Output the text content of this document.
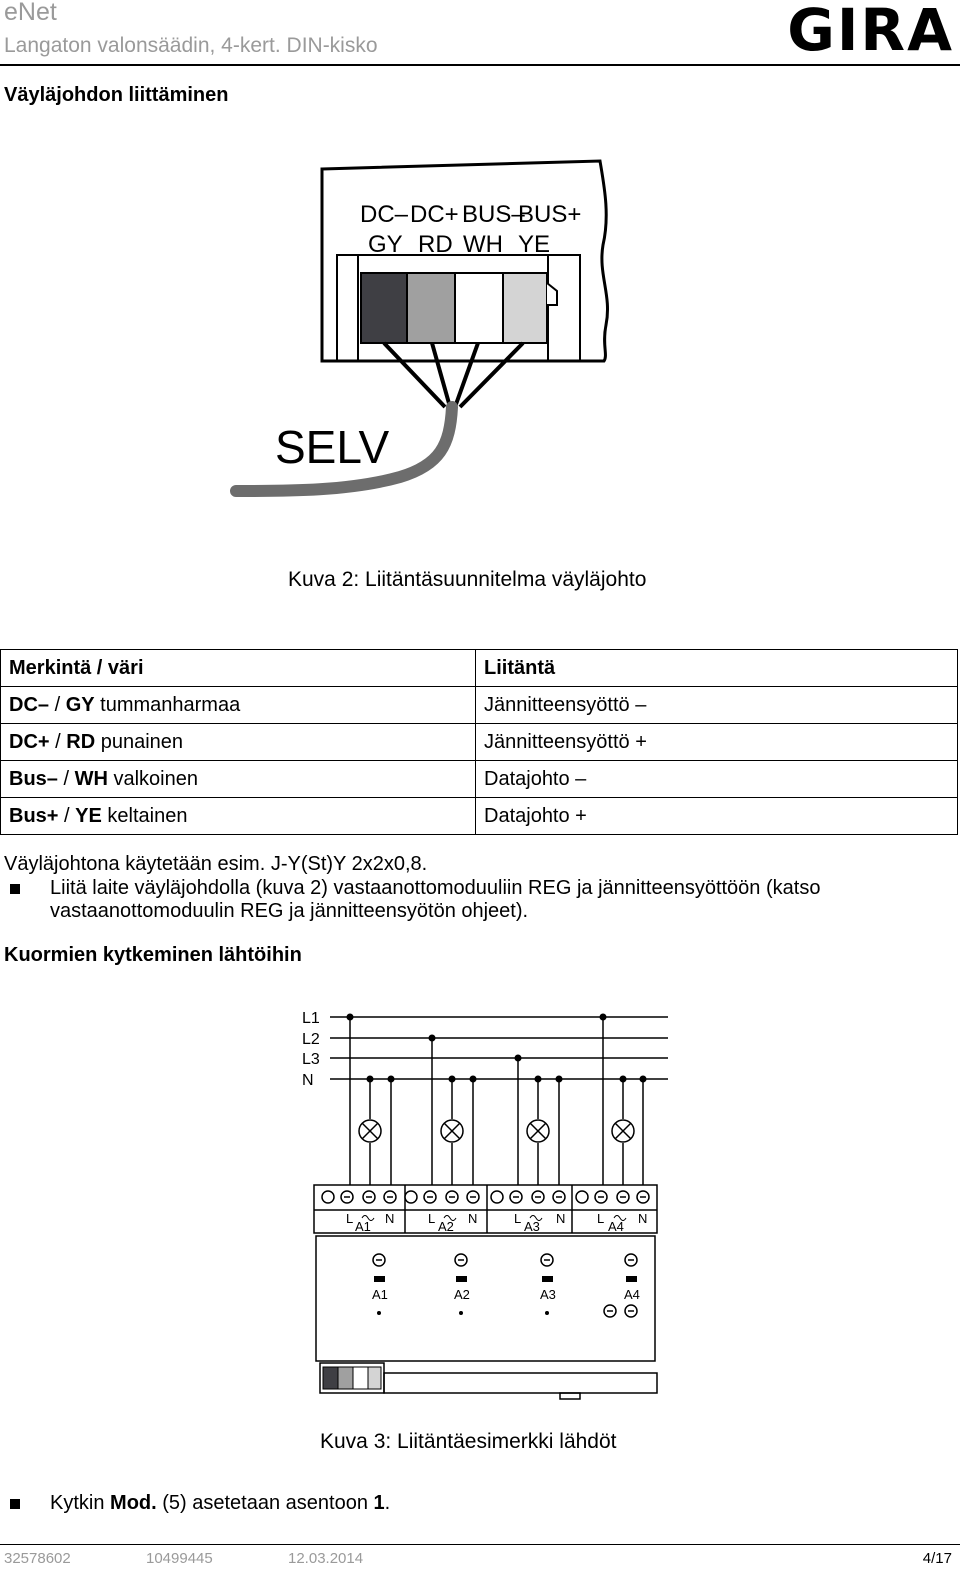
eNet
Langaton valonsäädin, 4-kert. DIN-kisko	GIRA
Väyläjohdon liittäminen
DC– DC+ BUS–
BUS+
GY RD WH YE
SELV
Kuva 2: Liitäntäsuunnitelma väyläjohto
Merkintä / väri	Liitäntä
DC– / GY tummanharmaa	Jännitteensyöttö –
DC+ / RD punainen	Jännitteensyöttö +
Bus– / WH valkoinen	Datajohto –
Bus+ / YE keltainen	Datajohto +
Väyläjohtona käytetään esim. J-Y(St)Y 2x2x0,8.
Liitä laite väyläjohdolla (kuva 2) vastaanottomoduuliin REG ja jännitteensyöttöön (katso
vastaanottomoduulin REG ja jännitteensyötön ohjeet).
Kuormien kytkeminen lähtöihin
L1
L2
L3
N
L N	L	N	L	N L	N
A1	A2	A3	A4
A1	A2	A3	A4
Kuva 3: Liitäntäesimerkki lähdöt
Kytkin Mod. (5) asetetaan asentoon 1.
32578602	10499445	12.03.2014	4/17
